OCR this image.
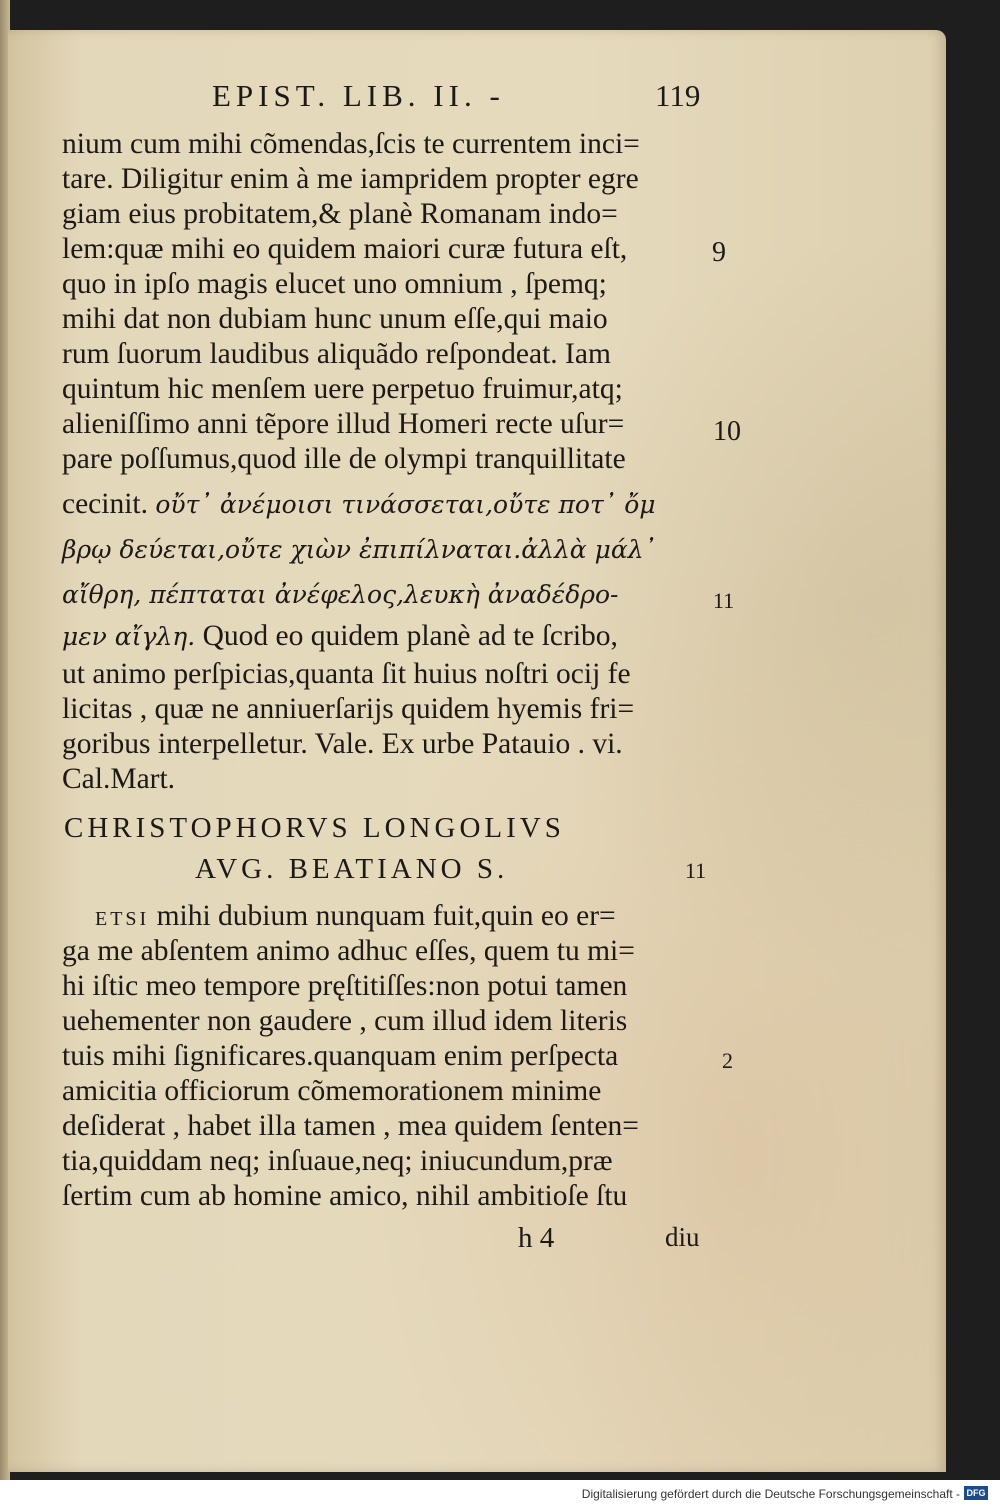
EPIST. LIB. II. -	119
nium cum mihi cõmendas,ſcis te currentem inci=
tare. Diligitur enim à me iampridem propter egre
giam eius probitatem,& planè Romanam indo=
lem:quæ mihi eo quidem maiori curæ futura eſt,	9
quo in ipſo magis elucet uno omnium , ſpemq;
mihi dat non dubiam hunc unum eſſe,qui maio
rum ſuorum laudibus aliquãdo reſpondeat. Iam
quintum hic menſem uere perpetuo fruimur,atq;
alieniſſimo anni tẽpore illud Homeri recte uſur=	10
pare poſſumus,quod ille de olympi tranquillitate
cecinit. οὔτ᾽ ἀνέμοισι τινάσσεται,οὔτε ποτ᾽ ὄμ
βρῳ δεύεται,οὔτε χιὼν ἐπιπίλναται.ἀλλὰ μάλ᾽
αἴθρη, πέπταται ἀνέφελος,λευκὴ ἀναδέδρο-	11
μεν αἴγλη. Quod eo quidem planè ad te ſcribo,
ut animo perſpicias,quanta ſit huius noſtri ocij fe
licitas , quæ ne anniuerſarijs quidem hyemis fri=
goribus interpelletur. Vale. Ex urbe Patauio . vi.
Cal.Mart.
CHRISTOPHORVS LONGOLIVS
AVG. BEATIANO S.	11
ETSI mihi dubium nunquam fuit,quin eo er=
ga me abſentem animo adhuc eſſes, quem tu mi=
hi iſtic meo tempore pręſtitiſſes:non potui tamen
uehementer non gaudere , cum illud idem literis
tuis mihi ſignificares.quanquam enim perſpecta	2
amicitia officiorum cõmemorationem minime
deſiderat , habet illa tamen , mea quidem ſenten=
tia,quiddam neq; inſuaue,neq; iniucundum,præ
ſertim cum ab homine amico, nihil ambitioſe ſtu
h 4	diu
Digitalisierung gefördert durch die Deutsche Forschungsgemeinschaft - DFG
